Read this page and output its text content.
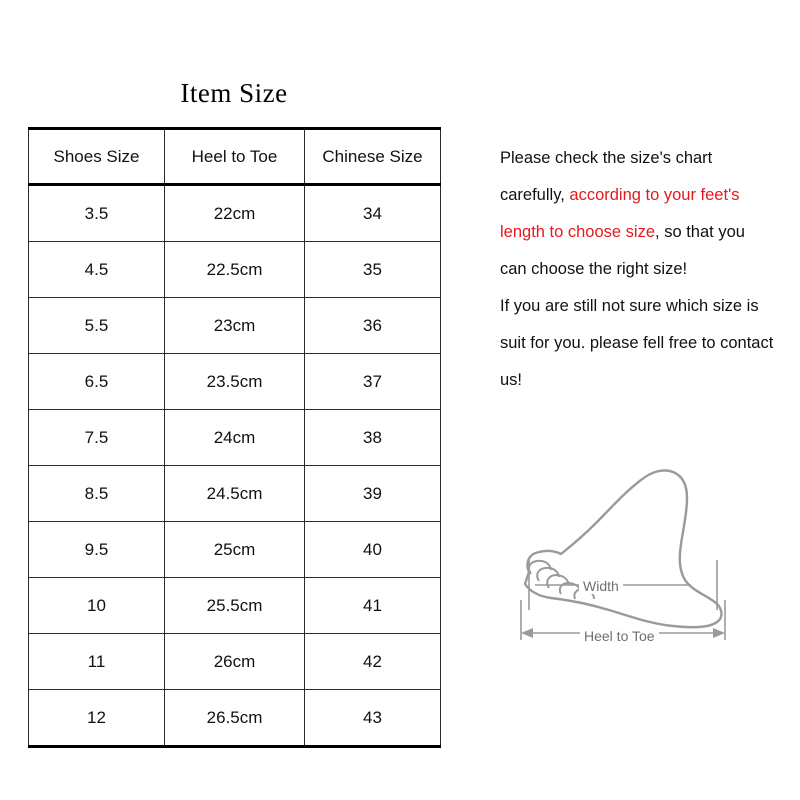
Item Size
Shoes Size	Heel to Toe	Chinese Size
3.5	22cm	34
4.5	22.5cm	35
5.5	23cm	36
6.5	23.5cm	37
7.5	24cm	38
8.5	24.5cm	39
9.5	25cm	40
10	25.5cm	41
11	26cm	42
12	26.5cm	43
Please check the size's chart carefully, according to your feet's length to choose size, so that you can choose the right size!
If you are still not sure which size is suit for you. please fell free to contact us!
Width
Heel to Toe
